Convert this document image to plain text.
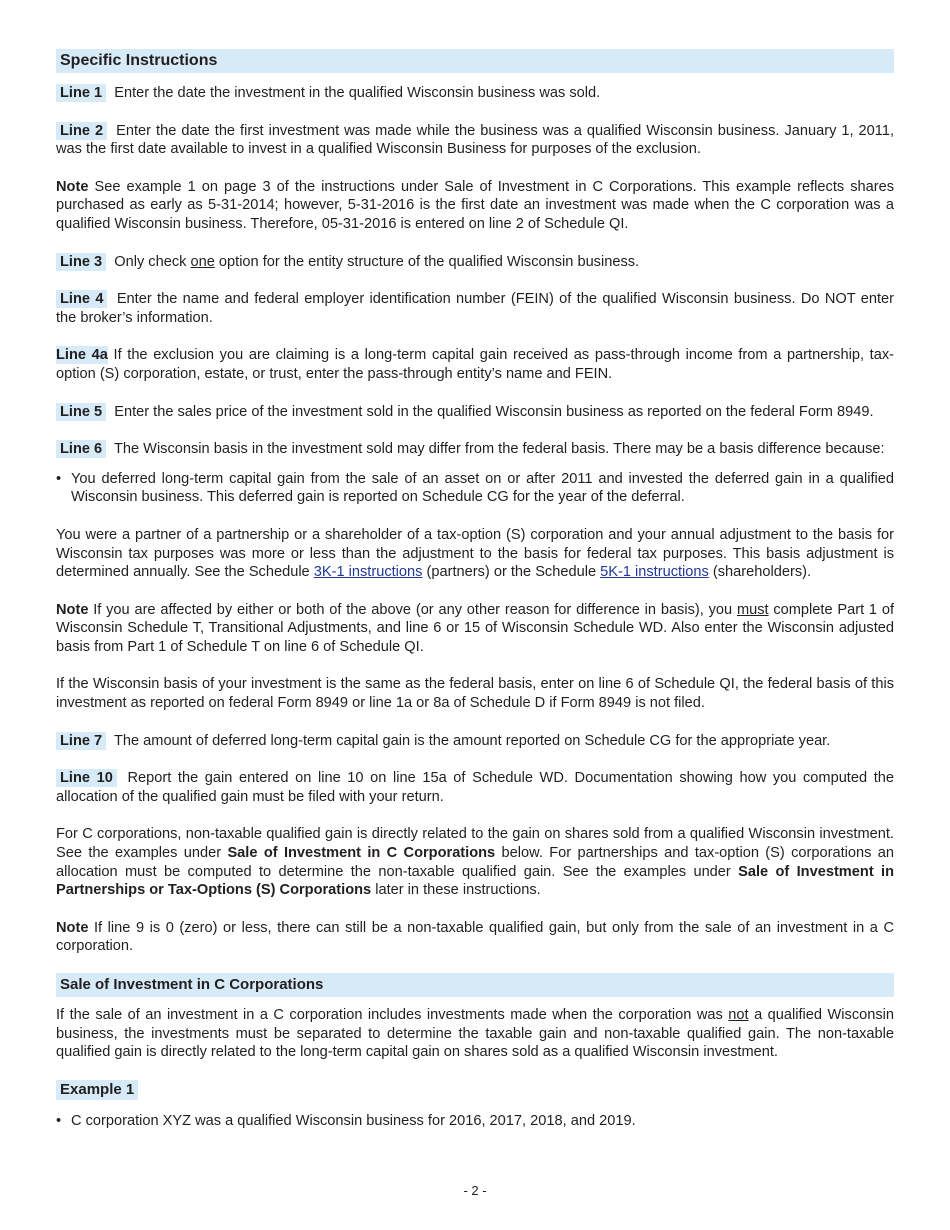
Specific Instructions

Line 1 Enter the date the investment in the qualified Wisconsin business was sold.

Line 2 Enter the date the first investment was made while the business was a qualified Wisconsin business. January 1, 2011, was the first date available to invest in a qualified Wisconsin Business for purposes of the exclusion.

Note See example 1 on page 3 of the instructions under Sale of Investment in C Corporations. This example reflects shares purchased as early as 5-31-2014; however, 5-31-2016 is the first date an investment was made when the C corporation was a qualified Wisconsin business. Therefore, 05-31-2016 is entered on line 2 of Schedule QI.

Line 3 Only check one option for the entity structure of the qualified Wisconsin business.

Line 4 Enter the name and federal employer identification number (FEIN) of the qualified Wisconsin business. Do NOT enter the broker’s information.

Line 4a If the exclusion you are claiming is a long-term capital gain received as pass-through income from a partnership, tax-option (S) corporation, estate, or trust, enter the pass-through entity’s name and FEIN.

Line 5 Enter the sales price of the investment sold in the qualified Wisconsin business as reported on the federal Form 8949.

Line 6 The Wisconsin basis in the investment sold may differ from the federal basis. There may be a basis difference because:

• You deferred long-term capital gain from the sale of an asset on or after 2011 and invested the deferred gain in a qualified Wisconsin business. This deferred gain is reported on Schedule CG for the year of the deferral.

You were a partner of a partnership or a shareholder of a tax-option (S) corporation and your annual adjustment to the basis for Wisconsin tax purposes was more or less than the adjustment to the basis for federal tax purposes. This basis adjustment is determined annually. See the Schedule 3K-1 instructions (partners) or the Schedule 5K-1 instructions (shareholders).

Note If you are affected by either or both of the above (or any other reason for difference in basis), you must complete Part 1 of Wisconsin Schedule T, Transitional Adjustments, and line 6 or 15 of Wisconsin Schedule WD. Also enter the Wisconsin adjusted basis from Part 1 of Schedule T on line 6 of Schedule QI.

If the Wisconsin basis of your investment is the same as the federal basis, enter on line 6 of Schedule QI, the federal basis of this investment as reported on federal Form 8949 or line 1a or 8a of Schedule D if Form 8949 is not filed.

Line 7 The amount of deferred long-term capital gain is the amount reported on Schedule CG for the appropriate year.

Line 10 Report the gain entered on line 10 on line 15a of Schedule WD. Documentation showing how you computed the allocation of the qualified gain must be filed with your return.

For C corporations, non-taxable qualified gain is directly related to the gain on shares sold from a qualified Wisconsin investment. See the examples under Sale of Investment in C Corporations below. For partnerships and tax-option (S) corporations an allocation must be computed to determine the non-taxable qualified gain. See the examples under Sale of Investment in Partnerships or Tax-Options (S) Corporations later in these instructions.

Note If line 9 is 0 (zero) or less, there can still be a non-taxable qualified gain, but only from the sale of an investment in a C corporation.

Sale of Investment in C Corporations

If the sale of an investment in a C corporation includes investments made when the corporation was not a qualified Wisconsin business, the investments must be separated to determine the taxable gain and non-taxable qualified gain. The non-taxable qualified gain is directly related to the long-term capital gain on shares sold as a qualified Wisconsin investment.

Example 1

• C corporation XYZ was a qualified Wisconsin business for 2016, 2017, 2018, and 2019.

- 2 -
